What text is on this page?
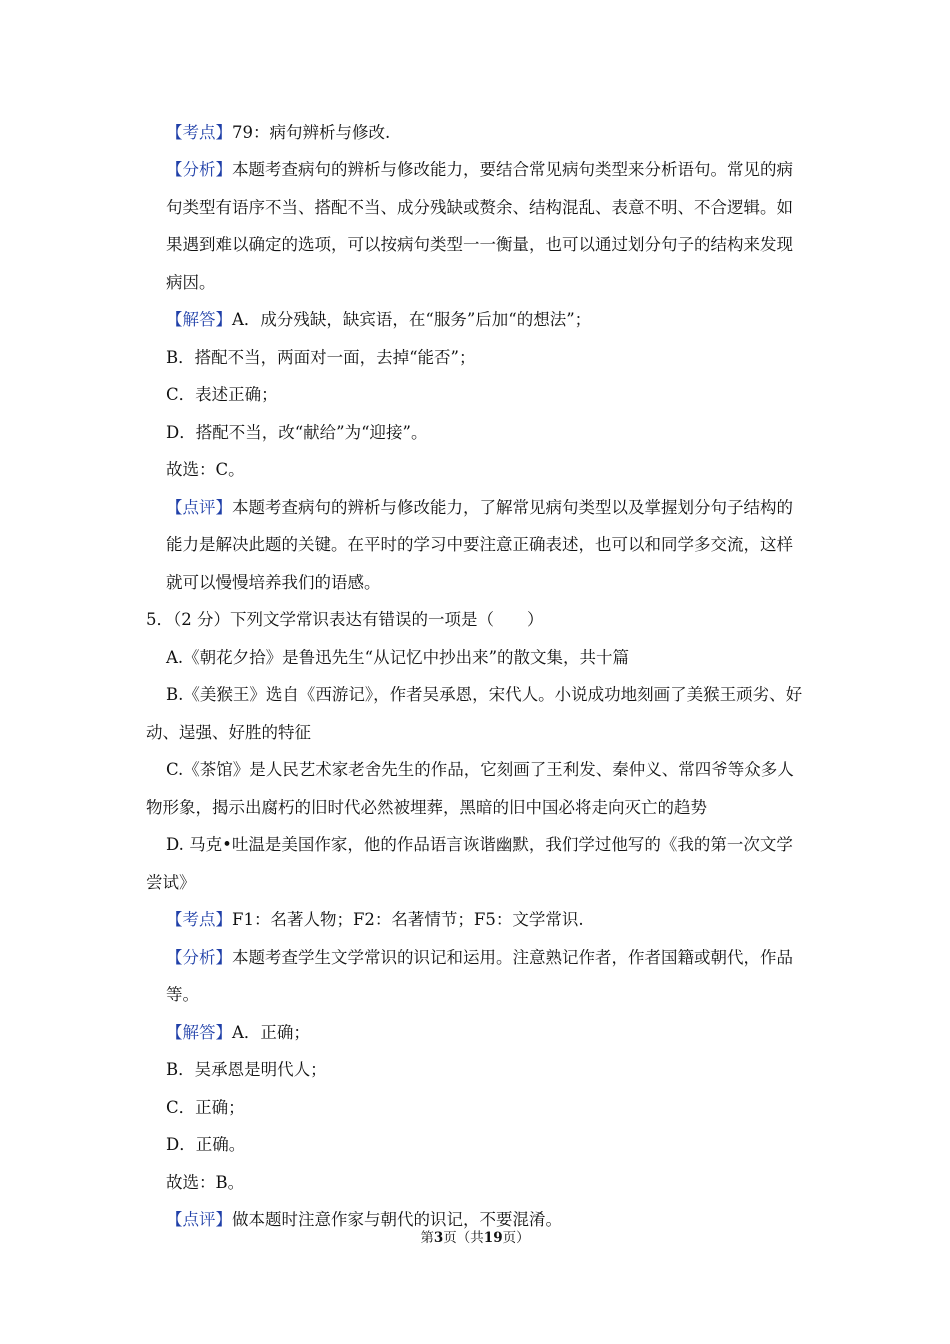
【考点】79：病句辨析与修改.
【分析】本题考查病句的辨析与修改能力，要结合常见病句类型来分析语句。常见的病
句类型有语序不当、搭配不当、成分残缺或赘余、结构混乱、表意不明、不合逻辑。如
果遇到难以确定的选项，可以按病句类型一一衡量，也可以通过划分句子的结构来发现
病因。
【解答】A．成分残缺，缺宾语，在“服务”后加“的想法”；
B．搭配不当，两面对一面，去掉“能否”；
C．表述正确；
D．搭配不当，改“献给”为“迎接”。
故选：C。
【点评】本题考查病句的辨析与修改能力，了解常见病句类型以及掌握划分句子结构的
能力是解决此题的关键。在平时的学习中要注意正确表述，也可以和同学多交流，这样
就可以慢慢培养我们的语感。
5．（2 分）下列文学常识表达有错误的一项是（　　）
A.《朝花夕拾》是鲁迅先生“从记忆中抄出来”的散文集，共十篇
B.《美猴王》选自《西游记》，作者吴承恩，宋代人。小说成功地刻画了美猴王顽劣、好
动、逞强、好胜的特征
C.《茶馆》是人民艺术家老舍先生的作品，它刻画了王利发、秦仲义、常四爷等众多人
物形象，揭示出腐朽的旧时代必然被埋葬，黑暗的旧中国必将走向灭亡的趋势
D. 马克•吐温是美国作家，他的作品语言诙谐幽默，我们学过他写的《我的第一次文学
尝试》
【考点】F1：名著人物；F2：名著情节；F5：文学常识.
【分析】本题考查学生文学常识的识记和运用。注意熟记作者，作者国籍或朝代，作品
等。
【解答】A．正确；
B．吴承恩是明代人；
C．正确；
D．正确。
故选：B。
【点评】做本题时注意作家与朝代的识记，不要混淆。
第3页（共19页）
